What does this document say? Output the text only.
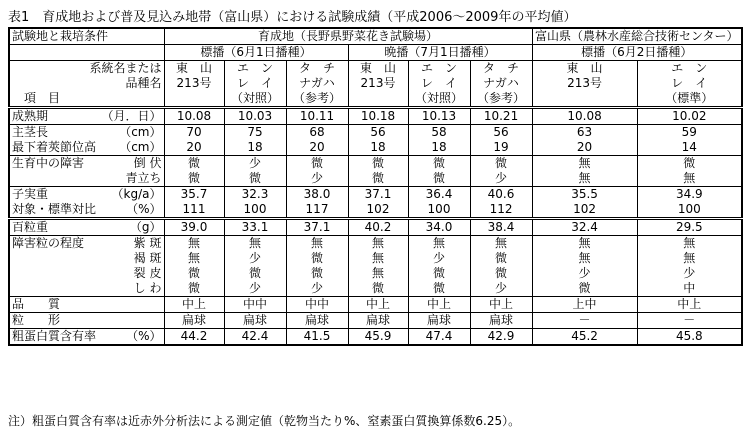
表1　育成地および普及見込み地帯（富山県）における試験成績（平成2006～2009年の平均値）
試験地と栽培条件	育成地（長野県野菜花き試験場）						富山県（農林水産総合技術センター）	
	標播（6月1日播種）			晩播（7月1日播種）			標播（6月2日播種）	
系統名または	東　山	エ　ン	タ　チ	東　山	エ　ン	タ　チ	東　山	エ　ン
品種名	213号	レ　イ	ナガハ	213号	レ　イ	ナガハ	213号	レ　イ
項　目		（対照）	（参考）		（対照）	（参考）		（標準）

成熟期 （月．日）	10.08	10.03	10.11	10.18	10.13	10.21	10.08	10.02

主茎長 （cm）	70	75	68	56	58	56	63	59

最下着莢節位高 （cm）	20	18	20	18	18	19	20	14

生育中の障害 倒 伏	微	少	微	微	微	微	無	微

青立ち	微	微	少	微	微	少	無	無

子実重 （kg/a）	35.7	32.3	38.0	37.1	36.4	40.6	35.5	34.9

対象・標準対比 （%）	111	100	117	102	100	112	102	100

百粒重 （g）	39.0	33.1	37.1	40.2	34.0	38.4	32.4	29.5

障害粒の程度 紫 斑	無	無	無	無	無	無	無	無

褐 斑	無	少	微	無	少	微	無	無

裂 皮	微	微	微	無	微	微	少	少

し わ	微	少	少	微	微	少	微	中

品　　質	中上	中中	中中	中上	中上	中上	上中	中上

粒　　形	扁球	扁球	扁球	扁球	扁球	扁球	－	－

粗蛋白質含有率 （%）	44.2	42.4	41.5	45.9	47.4	42.9	45.2	45.8
注）粗蛋白質含有率は近赤外分析法による測定値（乾物当たり%、窒素蛋白質換算係数6.25）。
